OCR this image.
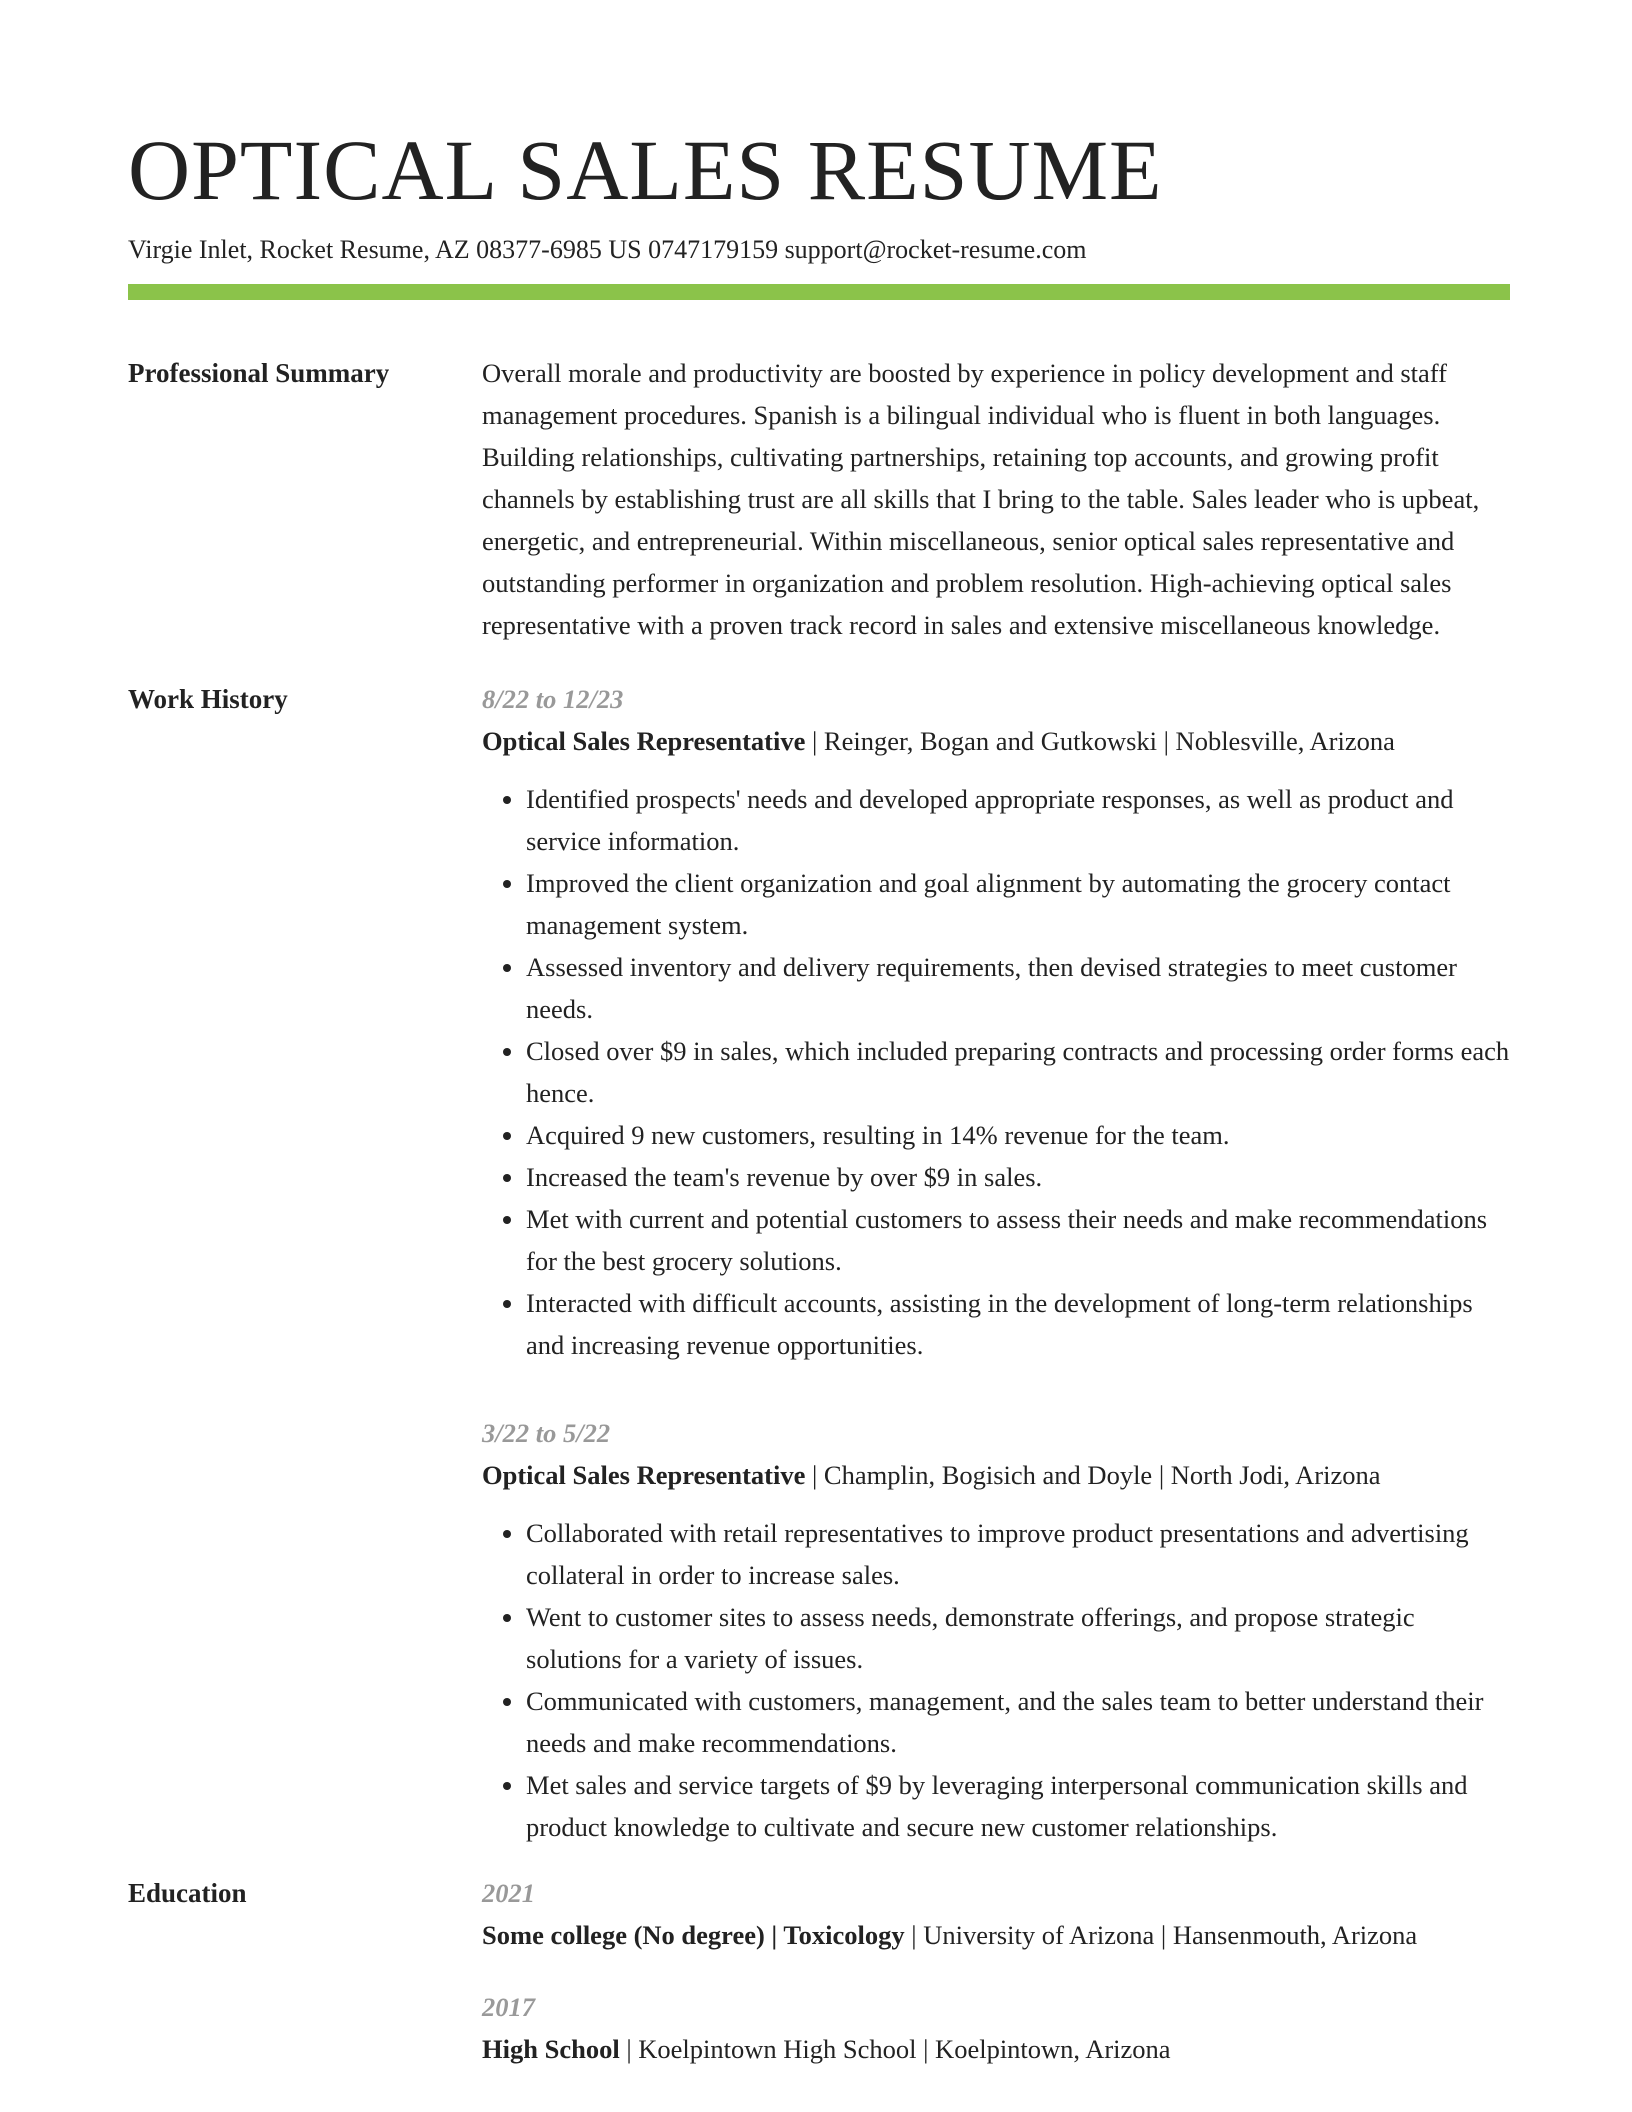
OPTICAL SALES RESUME
Virgie Inlet, Rocket Resume, AZ 08377-6985 US 0747179159 support@rocket-resume.com
Professional Summary	Overall morale and productivity are boosted by experience in policy development and staff management procedures. Spanish is a bilingual individual who is fluent in both languages. Building relationships, cultivating partnerships, retaining top accounts, and growing profit channels by establishing trust are all skills that I bring to the table. Sales leader who is upbeat, energetic, and entrepreneurial. Within miscellaneous, senior optical sales representative and outstanding performer in organization and problem resolution. High-achieving optical sales representative with a proven track record in sales and extensive miscellaneous knowledge.

Work History	8/22 to 12/23
Optical Sales Representative | Reinger, Bogan and Gutkowski | Noblesville, Arizona
• Identified prospects' needs and developed appropriate responses, as well as product and service information.
• Improved the client organization and goal alignment by automating the grocery contact management system.
• Assessed inventory and delivery requirements, then devised strategies to meet customer needs.
• Closed over $9 in sales, which included preparing contracts and processing order forms each hence.
• Acquired 9 new customers, resulting in 14% revenue for the team.
• Increased the team's revenue by over $9 in sales.
• Met with current and potential customers to assess their needs and make recommendations for the best grocery solutions.
• Interacted with difficult accounts, assisting in the development of long-term relationships and increasing revenue opportunities.
3/22 to 5/22
Optical Sales Representative | Champlin, Bogisich and Doyle | North Jodi, Arizona
• Collaborated with retail representatives to improve product presentations and advertising collateral in order to increase sales.
• Went to customer sites to assess needs, demonstrate offerings, and propose strategic solutions for a variety of issues.
• Communicated with customers, management, and the sales team to better understand their needs and make recommendations.
• Met sales and service targets of $9 by leveraging interpersonal communication skills and product knowledge to cultivate and secure new customer relationships.
Education	2021
Some college (No degree) | Toxicology | University of Arizona | Hansenmouth, Arizona
2017
High School | Koelpintown High School | Koelpintown, Arizona
